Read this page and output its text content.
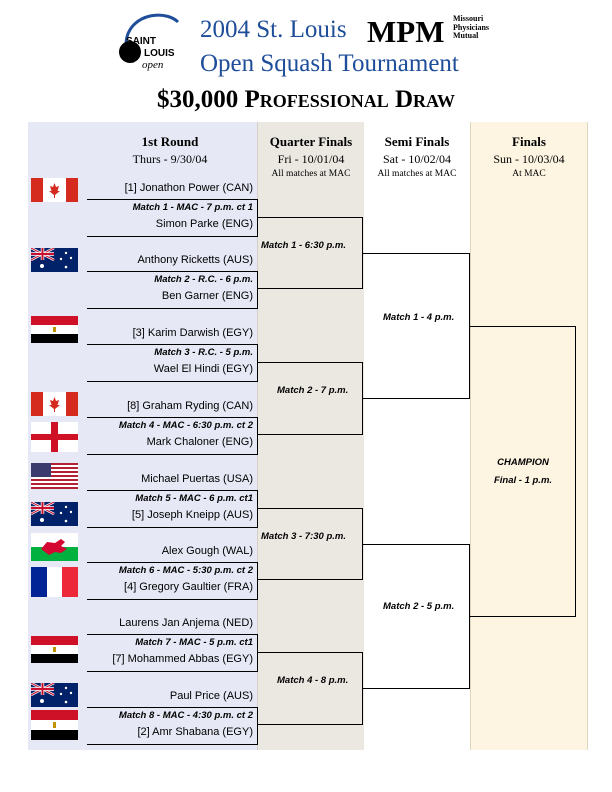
SAINT
LOUIS
open
2004 St. Louis
Open Squash Tournament
MPM Missouri
Physicians
Mutual
$30,000 Professional Draw
1st Round
Thurs - 9/30/04
Quarter Finals
Fri - 10/01/04
All matches at MAC
Semi Finals
Sat - 10/02/04
All matches at MAC
Finals
Sun - 10/03/04
At MAC
[1] Jonathon Power (CAN)
Match 1 - MAC - 7 p.m. ct 1
Simon Parke (ENG)
Anthony Ricketts (AUS)
Match 2 - R.C. - 6 p.m.
Ben Garner (ENG)
[3] Karim Darwish (EGY)
Match 3 - R.C. - 5 p.m.
Wael El Hindi (EGY)
[8] Graham Ryding (CAN)
Match 4 - MAC - 6:30 p.m. ct 2
Mark Chaloner (ENG)
Michael Puertas (USA)
Match 5 - MAC - 6 p.m. ct1
[5] Joseph Kneipp (AUS)
Alex Gough (WAL)
Match 6 - MAC - 5:30 p.m. ct 2
[4] Gregory Gaultier (FRA)
Laurens Jan Anjema (NED)
Match 7 - MAC - 5 p.m. ct1
[7] Mohammed Abbas (EGY)
Paul Price (AUS)
Match 8 - MAC - 4:30 p.m. ct 2
[2] Amr Shabana (EGY)
Match 1 - 6:30 p.m.
Match 2 - 7 p.m.
Match 3 - 7:30 p.m.
Match 4 - 8 p.m.
Match 1 - 4 p.m.
Match 2 - 5 p.m.
CHAMPION
Final - 1 p.m.
